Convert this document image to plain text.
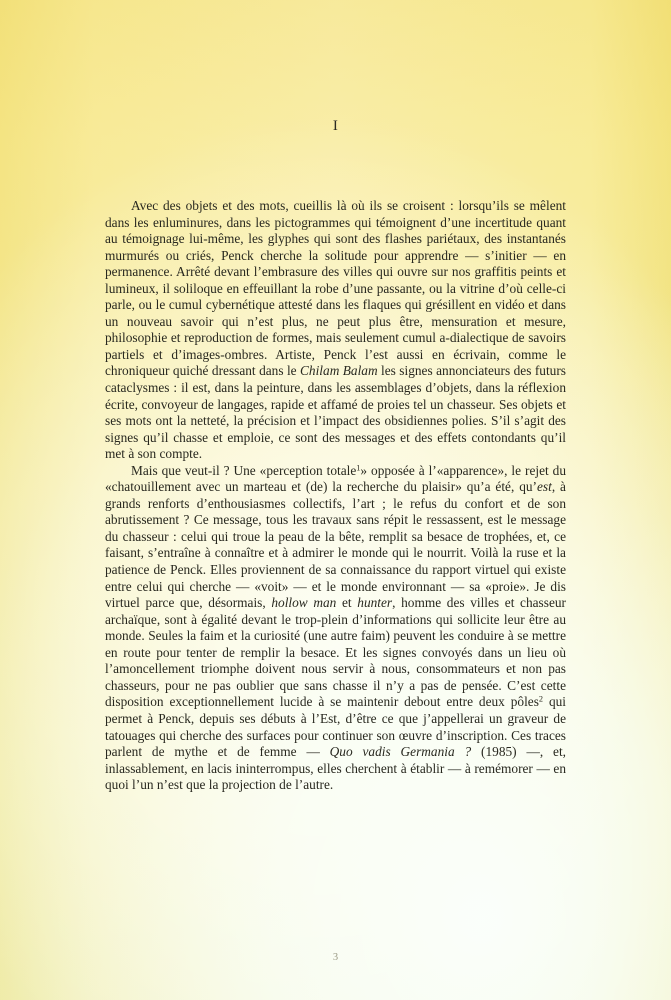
I

Avec des objets et des mots, cueillis là où ils se croisent : lorsqu’ils se mêlent dans les enluminures, dans les pictogrammes qui témoignent d’une incertitude quant au témoignage lui-même, les glyphes qui sont des flashes pariétaux, des instantanés murmurés ou criés, Penck cherche la solitude pour apprendre — s’initier — en permanence. Arrêté devant l’embrasure des villes qui ouvre sur nos graffitis peints et lumineux, il soliloque en effeuillant la robe d’une passante, ou la vitrine d’où celle-ci parle, ou le cumul cybernétique attesté dans les flaques qui grésillent en vidéo et dans un nouveau savoir qui n’est plus, ne peut plus être, mensuration et mesure, philosophie et reproduction de formes, mais seulement cumul a-dialectique de savoirs partiels et d’images-ombres. Artiste, Penck l’est aussi en écrivain, comme le chroniqueur quiché dressant dans le Chilam Balam les signes annonciateurs des futurs cataclysmes : il est, dans la peinture, dans les assemblages d’objets, dans la réflexion écrite, convoyeur de langages, rapide et affamé de proies tel un chasseur. Ses objets et ses mots ont la netteté, la précision et l’impact des obsidiennes polies. S’il s’agit des signes qu’il chasse et emploie, ce sont des messages et des effets contondants qu’il met à son compte.

Mais que veut-il ? Une «perception totale$^1$» opposée à l’«apparence», le rejet du «chatouillement avec un marteau et (de) la recherche du plaisir» qu’a été, qu’est, à grands renforts d’enthousiasmes collectifs, l’art ; le refus du confort et de son abrutissement ? Ce message, tous les travaux sans répit le ressassent, est le message du chasseur : celui qui troue la peau de la bête, remplit sa besace de trophées, et, ce faisant, s’entraîne à connaître et à admirer le monde qui le nourrit. Voilà la ruse et la patience de Penck. Elles proviennent de sa connaissance du rapport virtuel qui existe entre celui qui cherche — «voit» — et le monde environnant — sa «proie». Je dis virtuel parce que, désormais, hollow man et hunter, homme des villes et chasseur archaïque, sont à égalité devant le trop-plein d’informations qui sollicite leur être au monde. Seules la faim et la curiosité (une autre faim) peuvent les conduire à se mettre en route pour tenter de remplir la besace. Et les signes convoyés dans un lieu où l’amoncellement triomphe doivent nous servir à nous, consommateurs et non pas chasseurs, pour ne pas oublier que sans chasse il n’y a pas de pensée. C’est cette disposition exceptionnellement lucide à se maintenir debout entre deux pôles$^2$ qui permet à Penck, depuis ses débuts à l’Est, d’être ce que j’appellerai un graveur de tatouages qui cherche des surfaces pour continuer son œuvre d’inscription. Ces traces parlent de mythe et de femme — Quo vadis Germania ? (1985) —, et, inlassablement, en lacis ininterrompus, elles cherchent à établir — à remémorer — en quoi l’un n’est que la projection de l’autre.

3
